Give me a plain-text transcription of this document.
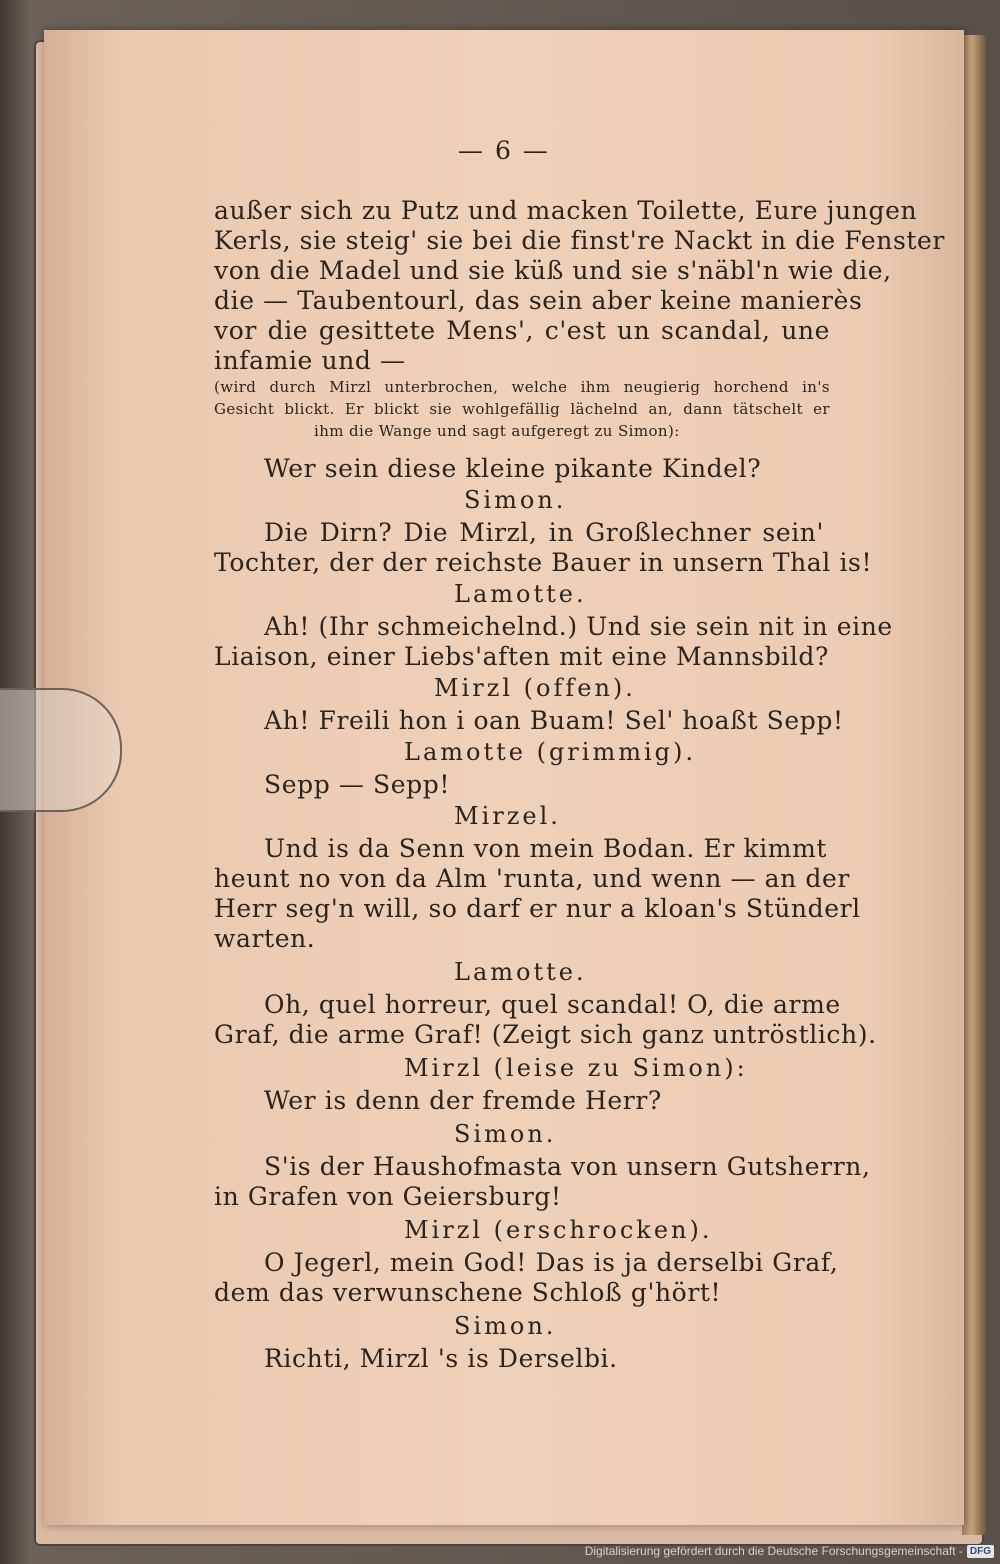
— 6 —
außer sich zu Putz und macken Toilette, Eure jungen
Kerls, sie steig' sie bei die finst're Nackt in die Fenster
von die Madel und sie küß und sie s'näbl'n wie die,
die — Taubentourl, das sein aber keine manierès
vor die gesittete Mens', c'est un scandal, une
infamie und —
(wird durch Mirzl unterbrochen, welche ihm neugierig horchend in's
Gesicht blickt. Er blickt sie wohlgefällig lächelnd an, dann tätschelt er
ihm die Wange und sagt aufgeregt zu Simon):
Wer sein diese kleine pikante Kindel?
Simon.
Die Dirn? Die Mirzl, in Großlechner sein'
Tochter, der der reichste Bauer in unsern Thal is!
Lamotte.
Ah! (Ihr schmeichelnd.) Und sie sein nit in eine
Liaison, einer Liebs'aften mit eine Mannsbild?
Mirzl (offen).
Ah! Freili hon i oan Buam! Sel' hoaßt Sepp!
Lamotte (grimmig).
Sepp — Sepp!
Mirzel.
Und is da Senn von mein Bodan. Er kimmt
heunt no von da Alm 'runta, und wenn — an der
Herr seg'n will, so darf er nur a kloan's Stünderl
warten.
Lamotte.
Oh, quel horreur, quel scandal! O, die arme
Graf, die arme Graf! (Zeigt sich ganz untröstlich).
Mirzl (leise zu Simon):
Wer is denn der fremde Herr?
Simon.
S'is der Haushofmasta von unsern Gutsherrn,
in Grafen von Geiersburg!
Mirzl (erschrocken).
O Jegerl, mein God! Das is ja derselbi Graf,
dem das verwunschene Schloß g'hört!
Simon.
Richti, Mirzl 's is Derselbi.
Digitalisierung gefördert durch die Deutsche Forschungsgemeinschaft - DFG
